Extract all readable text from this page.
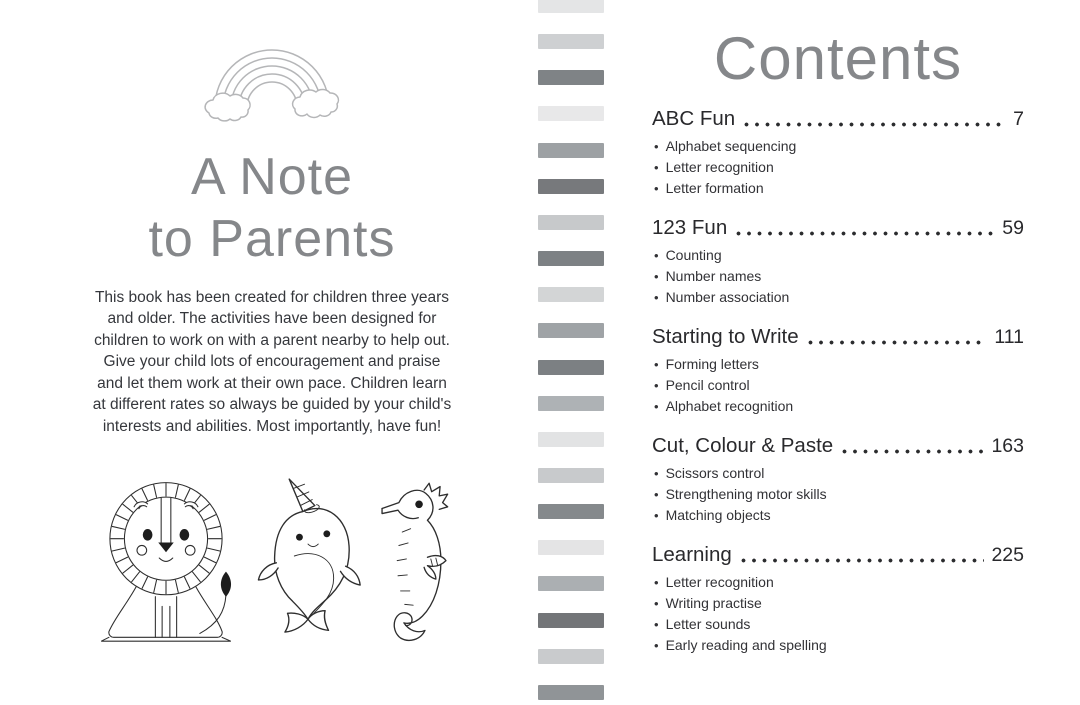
A Note
to Parents

This book has been created for children three years and older. The activities have been designed for children to work on with a parent nearby to help out. Give your child lots of encouragement and praise and let them work at their own pace. Children learn at different rates so always be guided by your child's interests and abilities. Most importantly, have fun!

Contents
ABC Fun	7
• Alphabet sequencing
• Letter recognition
• Letter formation
123 Fun	59
• Counting
• Number names
• Number association
Starting to Write	111
• Forming letters
• Pencil control
• Alphabet recognition
Cut, Colour & Paste	163
• Scissors control
• Strengthening motor skills
• Matching objects
Learning	225
• Letter recognition
• Writing practise
• Letter sounds
• Early reading and spelling
